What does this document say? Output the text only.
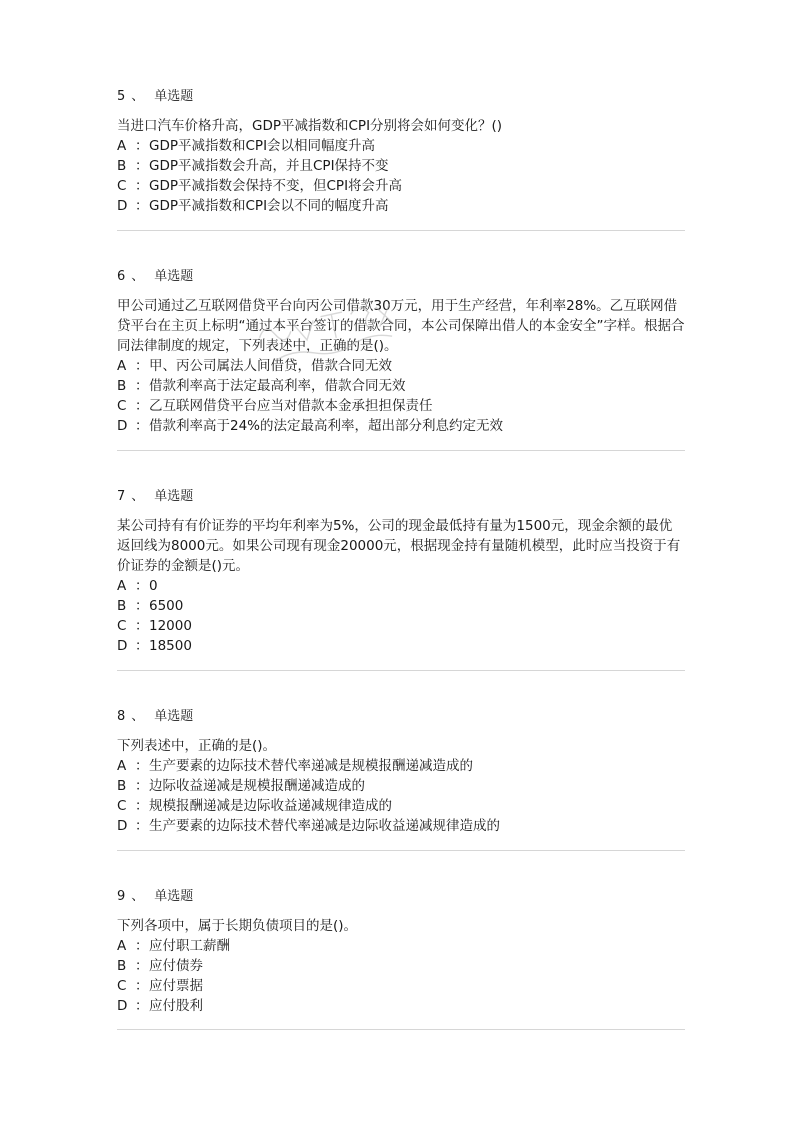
5 、 单选题

当进口汽车价格升高，GDP平减指数和CPI分别将会如何变化？()

A ：GDP平减指数和CPI会以相同幅度升高
B ：GDP平减指数会升高，并且CPI保持不变
C ：GDP平减指数会保持不变，但CPI将会升高
D ：GDP平减指数和CPI会以不同的幅度升高
6 、 单选题

甲公司通过乙互联网借贷平台向丙公司借款30万元，用于生产经营，年利率28%。乙互联网借贷平台在主页上标明“通过本平台签订的借款合同，本公司保障出借人的本金安全”字样。根据合同法律制度的规定，下列表述中，正确的是()。

A ：甲、丙公司属法人间借贷，借款合同无效
B ：借款利率高于法定最高利率，借款合同无效
C ：乙互联网借贷平台应当对借款本金承担担保责任
D ：借款利率高于24%的法定最高利率，超出部分利息约定无效
7 、 单选题

某公司持有有价证券的平均年利率为5%，公司的现金最低持有量为1500元，现金余额的最优返回线为8000元。如果公司现有现金20000元，根据现金持有量随机模型，此时应当投资于有价证券的金额是()元。

A ：0
B ：6500
C ：12000
D ：18500
8 、 单选题

下列表述中，正确的是()。

A ：生产要素的边际技术替代率递减是规模报酬递减造成的
B ：边际收益递减是规模报酬递减造成的
C ：规模报酬递减是边际收益递减规律造成的
D ：生产要素的边际技术替代率递减是边际收益递减规律造成的
9 、 单选题

下列各项中，属于长期负债项目的是()。

A ：应付职工薪酬
B ：应付债券
C ：应付票据
D ：应付股利
